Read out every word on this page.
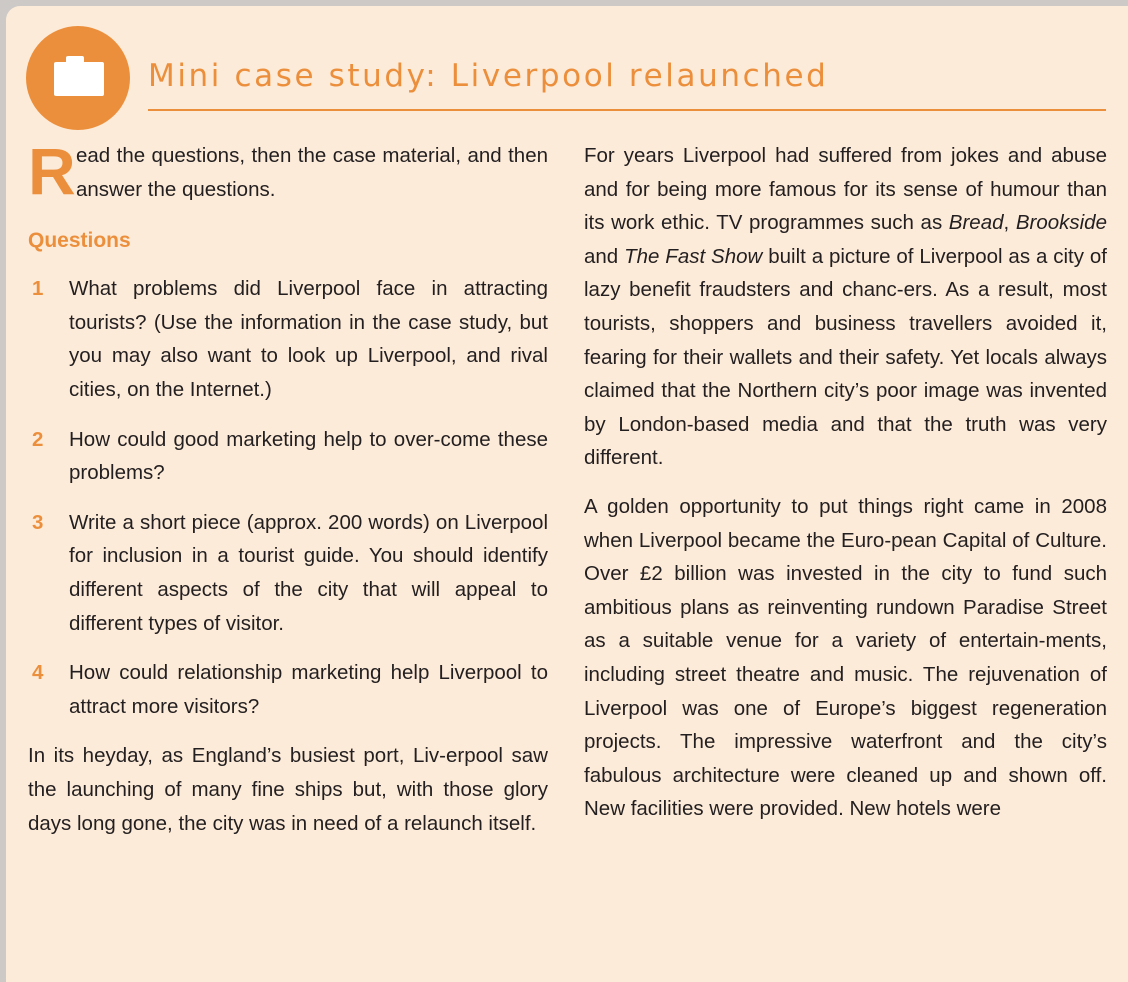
Mini case study: Liverpool relaunched

R ead the questions, then the case material, and then answer the questions.

Questions
1 What problems did Liverpool face in attracting tourists? (Use the information in the case study, but you may also want to look up Liverpool, and rival cities, on the Internet.)
2 How could good marketing help to over-come these problems?
3 Write a short piece (approx. 200 words) on Liverpool for inclusion in a tourist guide. You should identify different aspects of the city that will appeal to different types of visitor.
4 How could relationship marketing help Liverpool to attract more visitors?

In its heyday, as England’s busiest port, Liv-erpool saw the launching of many fine ships but, with those glory days long gone, the city was in need of a relaunch itself.

For years Liverpool had suffered from jokes and abuse and for being more famous for its sense of humour than its work ethic. TV programmes such as Bread, Brookside and The Fast Show built a picture of Liverpool as a city of lazy benefit fraudsters and chanc-ers. As a result, most tourists, shoppers and business travellers avoided it, fearing for their wallets and their safety. Yet locals always claimed that the Northern city’s poor image was invented by London-based media and that the truth was very different.

A golden opportunity to put things right came in 2008 when Liverpool became the Euro-pean Capital of Culture. Over £2 billion was invested in the city to fund such ambitious plans as reinventing rundown Paradise Street as a suitable venue for a variety of entertain-ments, including street theatre and music. The rejuvenation of Liverpool was one of Europe’s biggest regeneration projects. The impressive waterfront and the city’s fabulous architecture were cleaned up and shown off. New facilities were provided. New hotels were
